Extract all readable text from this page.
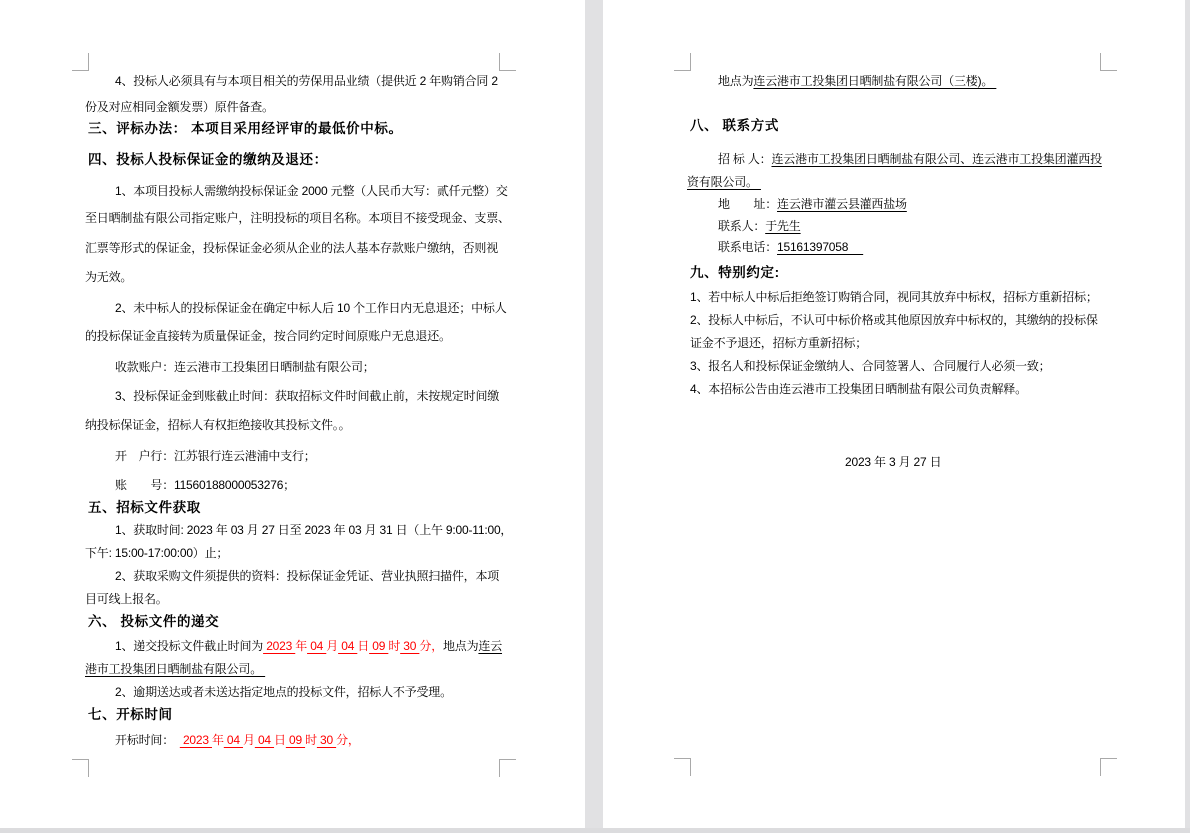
4、投标人必须具有与本项目相关的劳保用品业绩（提供近 2 年购销合同 2
份及对应相同金额发票）原件备查。
三、评标办法： 本项目采用经评审的最低价中标。
四、投标人投标保证金的缴纳及退还：
1、本项目投标人需缴纳投标保证金 2000 元整（人民币大写：贰仟元整）交
至日晒制盐有限公司指定账户，注明投标的项目名称。本项目不接受现金、支票、
汇票等形式的保证金，投标保证金必须从企业的法人基本存款账户缴纳，否则视
为无效。
2、未中标人的投标保证金在确定中标人后 10 个工作日内无息退还；中标人
的投标保证金直接转为质量保证金，按合同约定时间原账户无息退还。
收款账户：连云港市工投集团日晒制盐有限公司；
3、投标保证金到账截止时间：获取招标文件时间截止前，未按规定时间缴
纳投标保证金，招标人有权拒绝接收其投标文件。。
开　户行：江苏银行连云港浦中支行；
账　　号：11560188000053276；
五、招标文件获取
1、获取时间: 2023 年 03 月 27 日至 2023 年 03 月 31 日（上午 9:00-11:00，
下午: 15:00-17:00:00）止；
2、获取采购文件须提供的资料：投标保证金凭证、营业执照扫描件，本项
目可线上报名。
六、 投标文件的递交
1、递交投标文件截止时间为 2023 年 04 月 04 日 09 时 30 分，地点为连云
港市工投集团日晒制盐有限公司。
2、逾期送达或者未送达指定地点的投标文件，招标人不予受理。
七、开标时间
开标时间：　 2023 年 04 月 04 日 09 时 30 分，
地点为连云港市工投集团日晒制盐有限公司（三楼)。
八、 联系方式
招 标 人：连云港市工投集团日晒制盐有限公司、连云港市工投集团灌西投
资有限公司。
地　　址：连云港市灌云县灌西盐场
联系人：于先生
联系电话：15161397058　
九、特别约定:
1、若中标人中标后拒绝签订购销合同，视同其放弃中标权，招标方重新招标；
2、投标人中标后，不认可中标价格或其他原因放弃中标权的，其缴纳的投标保
证金不予退还，招标方重新招标；
3、报名人和投标保证金缴纳人、合同签署人、合同履行人必须一致；
4、本招标公告由连云港市工投集团日晒制盐有限公司负责解释。
2023 年 3 月 27 日
